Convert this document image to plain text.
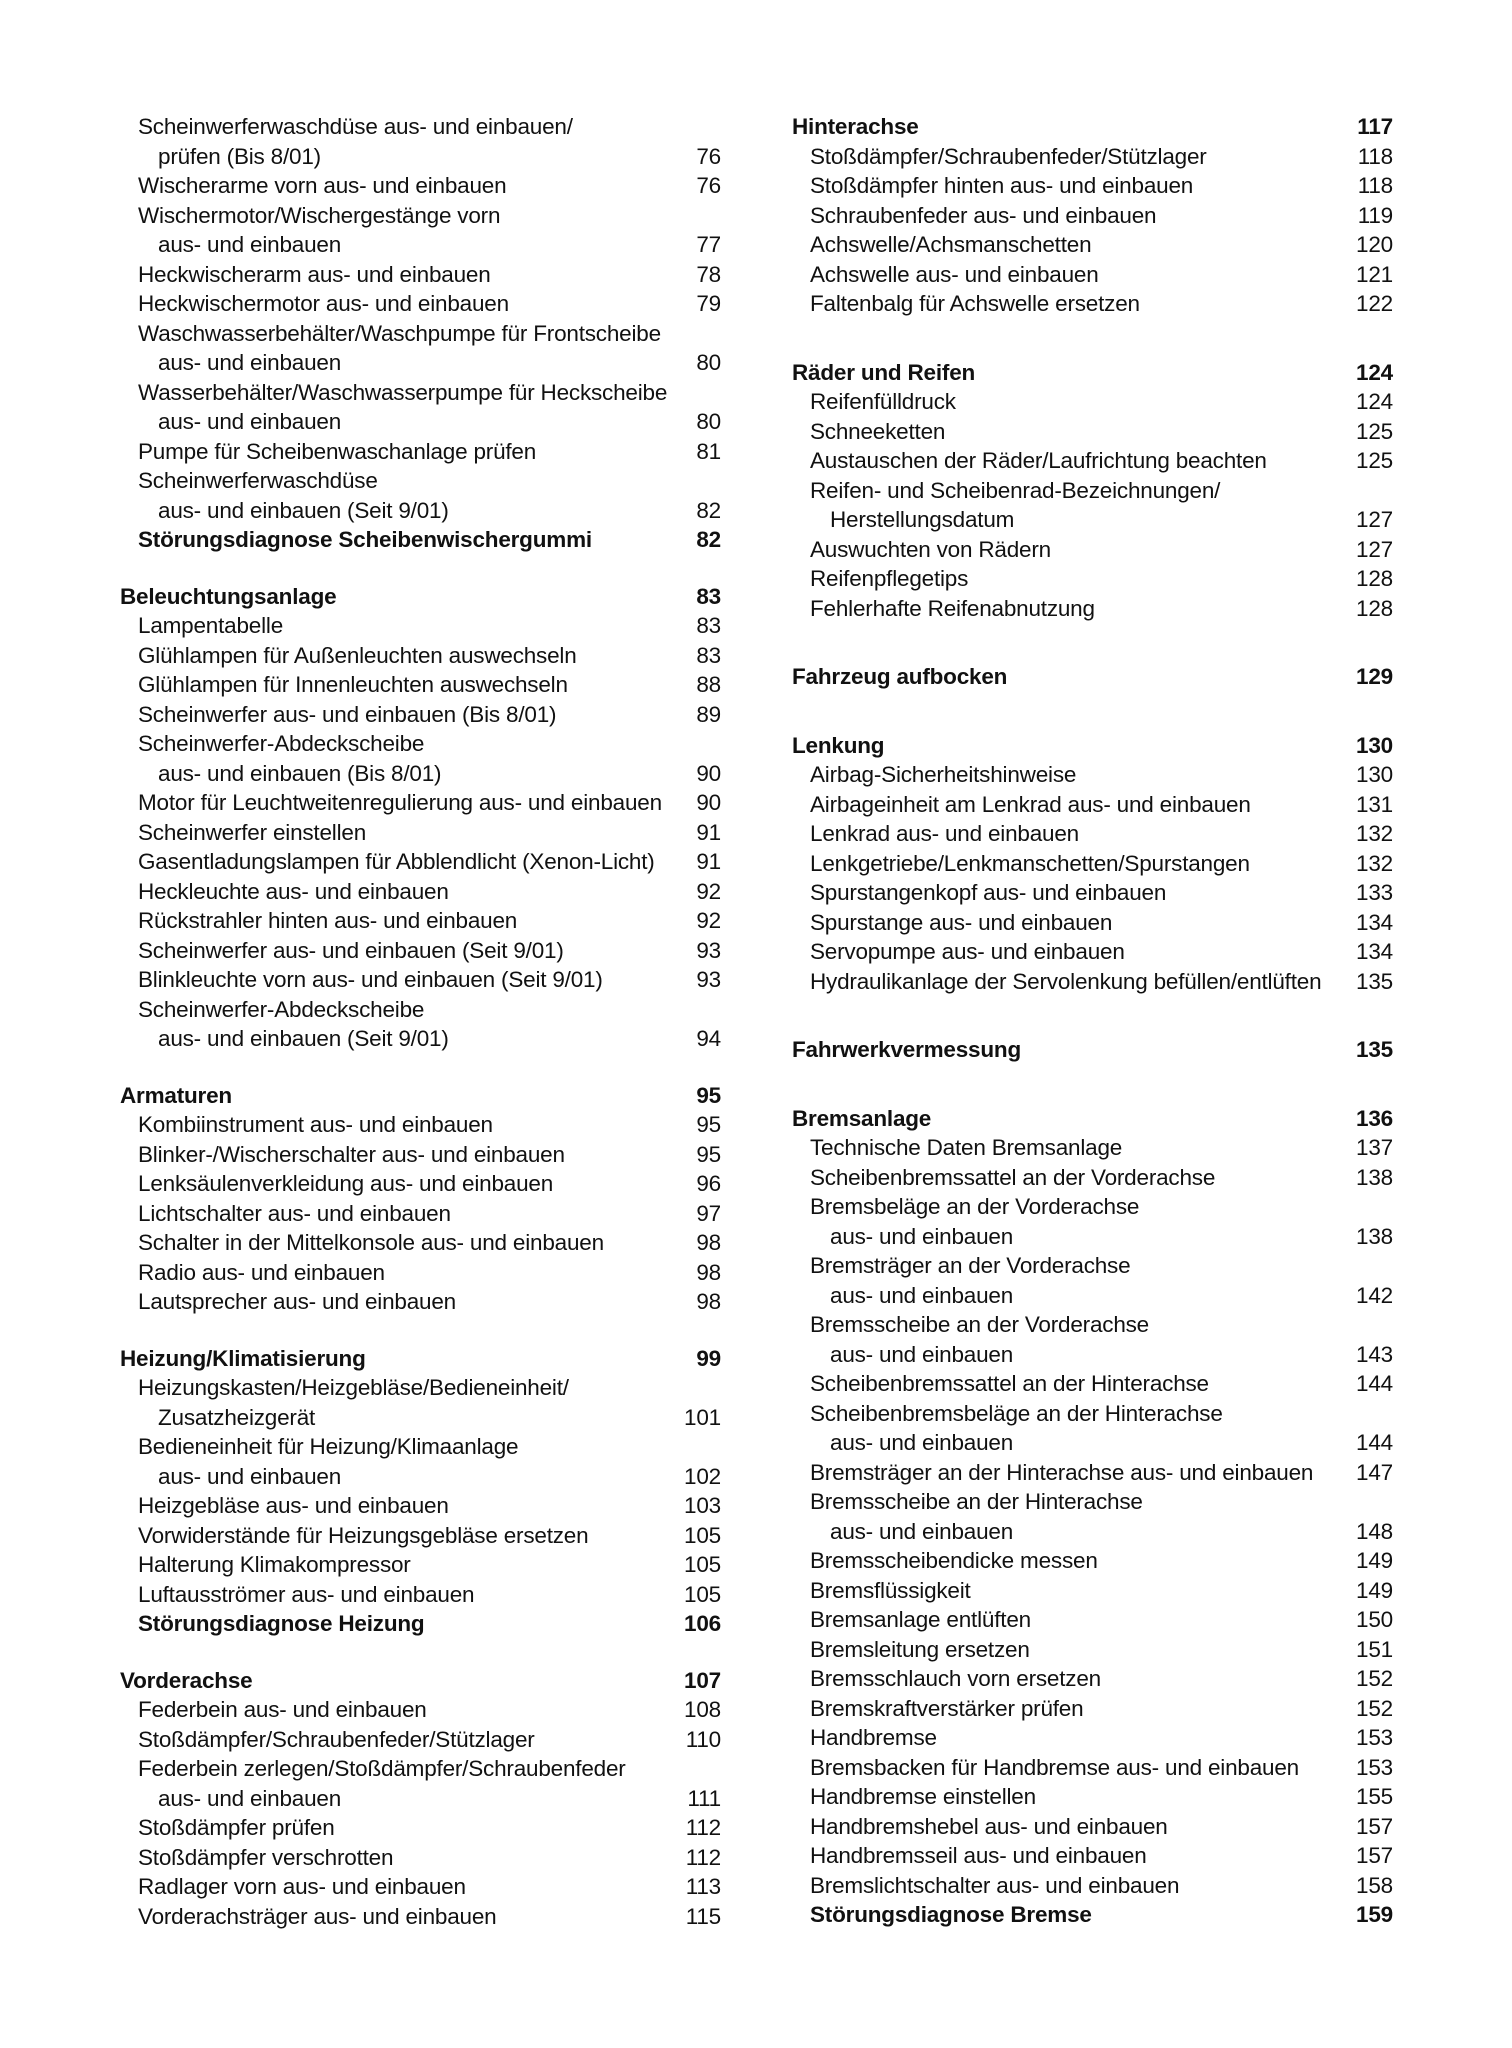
Scheinwerferwaschdüse aus- und einbauen/
prüfen (Bis 8/01)	76
Wischerarme vorn aus- und einbauen	76
Wischermotor/Wischergestänge vorn
aus- und einbauen	77
Heckwischerarm aus- und einbauen	78
Heckwischermotor aus- und einbauen	79
Waschwasserbehälter/Waschpumpe für Frontscheibe
aus- und einbauen	80
Wasserbehälter/Waschwasserpumpe für Heckscheibe
aus- und einbauen	80
Pumpe für Scheibenwaschanlage prüfen	81
Scheinwerferwaschdüse
aus- und einbauen (Seit 9/01)	82
Störungsdiagnose Scheibenwischergummi	82
Beleuchtungsanlage	83
Lampentabelle	83
Glühlampen für Außenleuchten auswechseln	83
Glühlampen für Innenleuchten auswechseln	88
Scheinwerfer aus- und einbauen (Bis 8/01)	89
Scheinwerfer-Abdeckscheibe
aus- und einbauen (Bis 8/01)	90
Motor für Leuchtweitenregulierung aus- und einbauen 90
Scheinwerfer einstellen	91
Gasentladungslampen für Abblendlicht (Xenon-Licht) 91
Heckleuchte aus- und einbauen	92
Rückstrahler hinten aus- und einbauen	92
Scheinwerfer aus- und einbauen (Seit 9/01)	93
Blinkleuchte vorn aus- und einbauen (Seit 9/01)	93
Scheinwerfer-Abdeckscheibe
aus- und einbauen (Seit 9/01)	94
Armaturen	95
Kombiinstrument aus- und einbauen	95
Blinker-/Wischerschalter aus- und einbauen	95
Lenksäulenverkleidung aus- und einbauen	96
Lichtschalter aus- und einbauen	97
Schalter in der Mittelkonsole aus- und einbauen	98
Radio aus- und einbauen	98
Lautsprecher aus- und einbauen	98
Heizung/Klimatisierung	99
Heizungskasten/Heizgebläse/Bedieneinheit/
Zusatzheizgerät	101
Bedieneinheit für Heizung/Klimaanlage
aus- und einbauen	102
Heizgebläse aus- und einbauen	103
Vorwiderstände für Heizungsgebläse ersetzen	105
Halterung Klimakompressor	105
Luftausströmer aus- und einbauen	105
Störungsdiagnose Heizung	106
Vorderachse	107
Federbein aus- und einbauen	108
Stoßdämpfer/Schraubenfeder/Stützlager	110
Federbein zerlegen/Stoßdämpfer/Schraubenfeder
aus- und einbauen	111
Stoßdämpfer prüfen	112
Stoßdämpfer verschrotten	112
Radlager vorn aus- und einbauen	113
Vorderachsträger aus- und einbauen	115
Hinterachse	117
Stoßdämpfer/Schraubenfeder/Stützlager	118
Stoßdämpfer hinten aus- und einbauen	118
Schraubenfeder aus- und einbauen	119
Achswelle/Achsmanschetten	120
Achswelle aus- und einbauen	121
Faltenbalg für Achswelle ersetzen	122
Räder und Reifen	124
Reifenfülldruck	124
Schneeketten	125
Austauschen der Räder/Laufrichtung beachten	125
Reifen- und Scheibenrad-Bezeichnungen/
Herstellungsdatum	127
Auswuchten von Rädern	127
Reifenpflegetips	128
Fehlerhafte Reifenabnutzung	128
Fahrzeug aufbocken	129
Lenkung	130
Airbag-Sicherheitshinweise	130
Airbageinheit am Lenkrad aus- und einbauen	131
Lenkrad aus- und einbauen	132
Lenkgetriebe/Lenkmanschetten/Spurstangen	132
Spurstangenkopf aus- und einbauen	133
Spurstange aus- und einbauen	134
Servopumpe aus- und einbauen	134
Hydraulikanlage der Servolenkung befüllen/entlüften 135
Fahrwerkvermessung	135
Bremsanlage	136
Technische Daten Bremsanlage	137
Scheibenbremssattel an der Vorderachse	138
Bremsbeläge an der Vorderachse
aus- und einbauen	138
Bremsträger an der Vorderachse
aus- und einbauen	142
Bremsscheibe an der Vorderachse
aus- und einbauen	143
Scheibenbremssattel an der Hinterachse	144
Scheibenbremsbeläge an der Hinterachse
aus- und einbauen	144
Bremsträger an der Hinterachse aus- und einbauen 147
Bremsscheibe an der Hinterachse
aus- und einbauen	148
Bremsscheibendicke messen	149
Bremsflüssigkeit	149
Bremsanlage entlüften	150
Bremsleitung ersetzen	151
Bremsschlauch vorn ersetzen	152
Bremskraftverstärker prüfen	152
Handbremse	153
Bremsbacken für Handbremse aus- und einbauen	153
Handbremse einstellen	155
Handbremshebel aus- und einbauen	157
Handbremsseil aus- und einbauen	157
Bremslichtschalter aus- und einbauen	158
Störungsdiagnose Bremse	159
